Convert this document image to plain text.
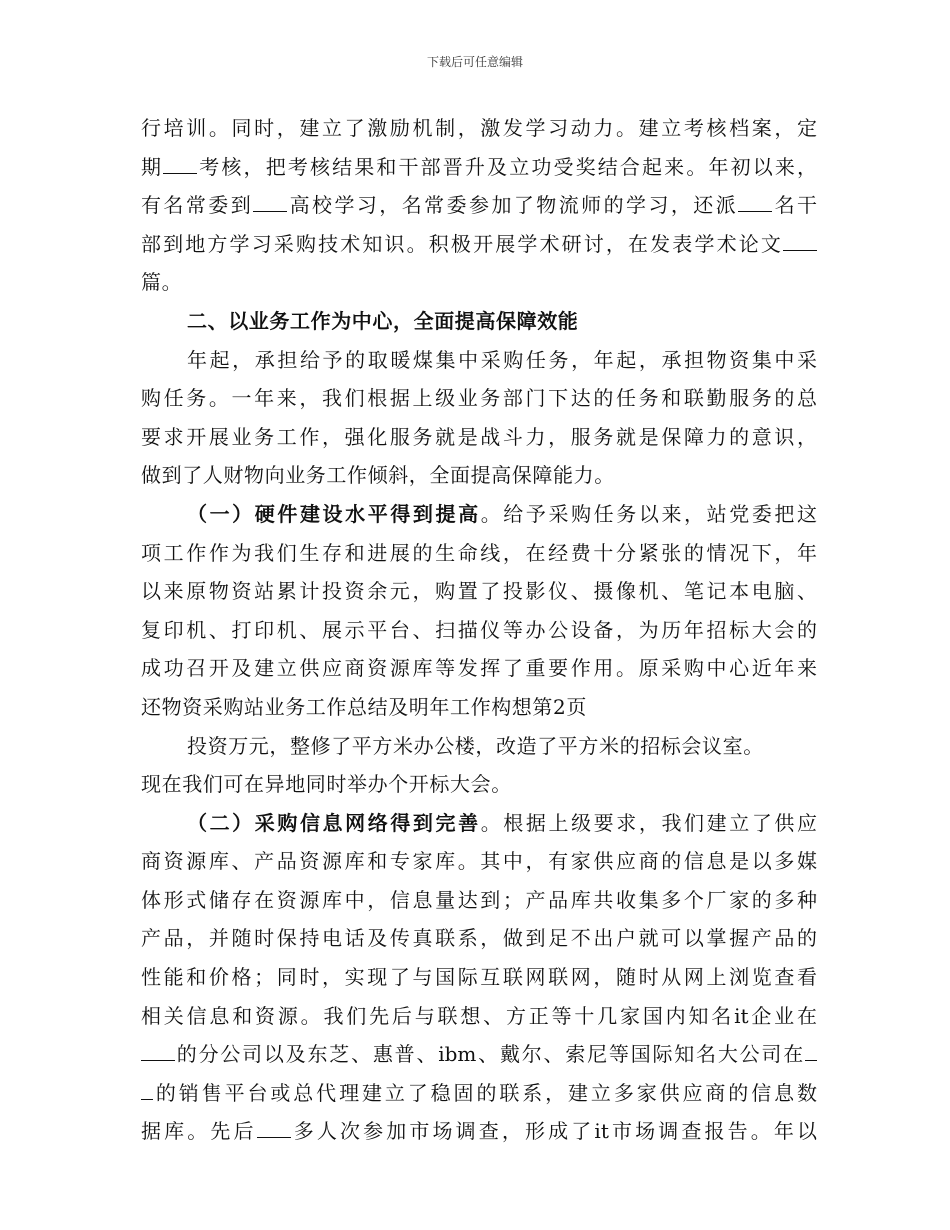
下载后可任意编辑
行培训。同时，建立了激励机制，激发学习动力。建立考核档案，定
期 考核，把考核结果和干部晋升及立功受奖结合起来。年初以来，
有名常委到 高校学习，名常委参加了物流师的学习，还派 名干
部到地方学习采购技术知识。积极开展学术研讨，在发表学术论文
篇。
二、以业务工作为中心，全面提高保障效能
年起，承担给予的取暖煤集中采购任务，年起，承担物资集中采
购任务。一年来，我们根据上级业务部门下达的任务和联勤服务的总
要求开展业务工作，强化服务就是战斗力，服务就是保障力的意识，
做到了人财物向业务工作倾斜，全面提高保障能力。
（一）硬件建设水平得到提高。给予采购任务以来，站党委把这
项工作作为我们生存和进展的生命线，在经费十分紧张的情况下，年
以来原物资站累计投资余元，购置了投影仪、摄像机、笔记本电脑、
复印机、打印机、展示平台、扫描仪等办公设备，为历年招标大会的
成功召开及建立供应商资源库等发挥了重要作用。原采购中心近年来
还物资采购站业务工作总结及明年工作构想第2页
投资万元，整修了平方米办公楼，改造了平方米的招标会议室。
现在我们可在异地同时举办个开标大会。
（二）采购信息网络得到完善。根据上级要求，我们建立了供应
商资源库、产品资源库和专家库。其中，有家供应商的信息是以多媒
体形式储存在资源库中，信息量达到；产品库共收集多个厂家的多种
产品，并随时保持电话及传真联系，做到足不出户就可以掌握产品的
性能和价格；同时，实现了与国际互联网联网，随时从网上浏览查看
相关信息和资源。我们先后与联想、方正等十几家国内知名it企业在
的分公司以及东芝、惠普、ibm、戴尔、索尼等国际知名大公司在
的销售平台或总代理建立了稳固的联系，建立多家供应商的信息数
据库。先后 多人次参加市场调查，形成了it市场调查报告。年以
